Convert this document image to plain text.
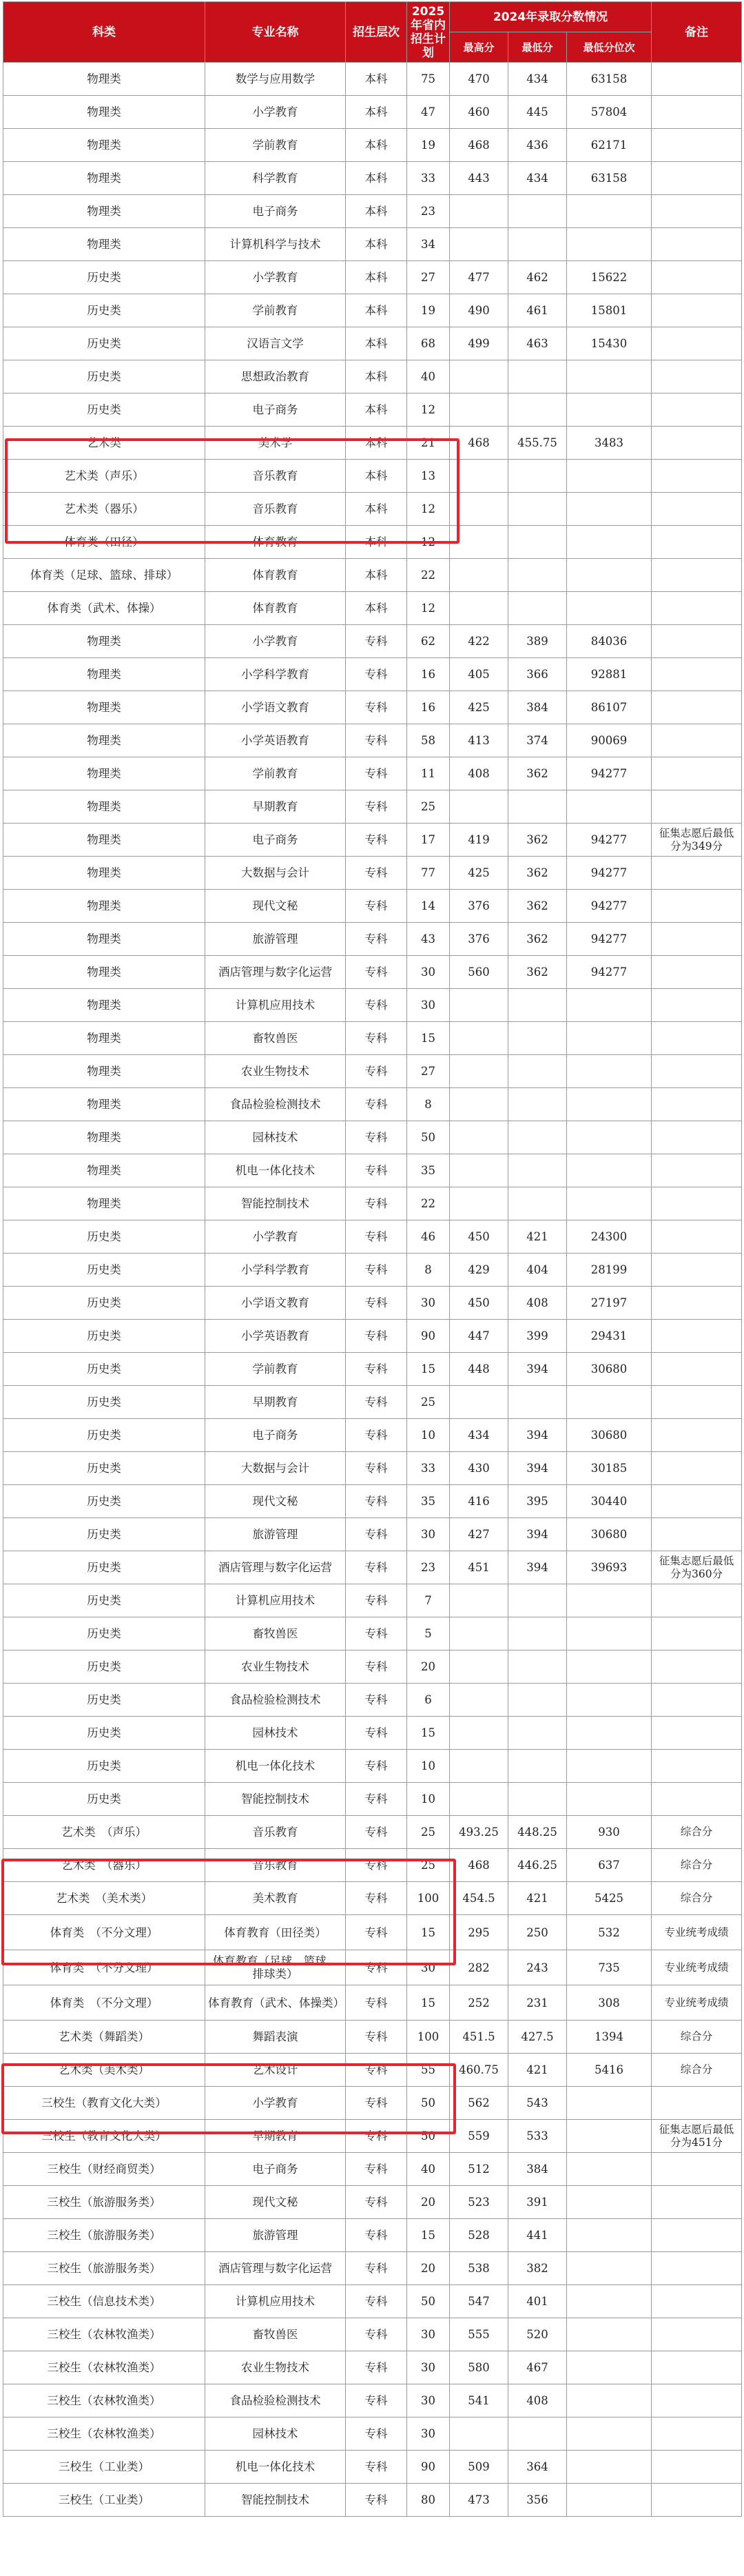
科类	专业名称	招生层次	2025年省内招生计划	2024年录取分数情况			备注
				最高分	最低分	最低分位次	
物理类	数学与应用数学	本科	75	470	434	63158	
物理类	小学教育	本科	47	460	445	57804	
物理类	学前教育	本科	19	468	436	62171	
物理类	科学教育	本科	33	443	434	63158	
物理类	电子商务	本科	23				
物理类	计算机科学与技术	本科	34				
历史类	小学教育	本科	27	477	462	15622	
历史类	学前教育	本科	19	490	461	15801	
历史类	汉语言文学	本科	68	499	463	15430	
历史类	思想政治教育	本科	40				
历史类	电子商务	本科	12				
艺术类	美术学	本科	21	468	455.75	3483	
艺术类（声乐）	音乐教育	本科	13				
艺术类（器乐）	音乐教育	本科	12				
体育类（田径）	体育教育	本科	12				
体育类（足球、篮球、排球）	体育教育	本科	22				
体育类（武术、体操）	体育教育	本科	12				
物理类	小学教育	专科	62	422	389	84036	
物理类	小学科学教育	专科	16	405	366	92881	
物理类	小学语文教育	专科	16	425	384	86107	
物理类	小学英语教育	专科	58	413	374	90069	
物理类	学前教育	专科	11	408	362	94277	
物理类	早期教育	专科	25				
物理类	电子商务	专科	17	419	362	94277	征集志愿后最低分为349分
物理类	大数据与会计	专科	77	425	362	94277	
物理类	现代文秘	专科	14	376	362	94277	
物理类	旅游管理	专科	43	376	362	94277	
物理类	酒店管理与数字化运营	专科	30	560	362	94277	
物理类	计算机应用技术	专科	30				
物理类	畜牧兽医	专科	15				
物理类	农业生物技术	专科	27				
物理类	食品检验检测技术	专科	8				
物理类	园林技术	专科	50				
物理类	机电一体化技术	专科	35				
物理类	智能控制技术	专科	22				
历史类	小学教育	专科	46	450	421	24300	
历史类	小学科学教育	专科	8	429	404	28199	
历史类	小学语文教育	专科	30	450	408	27197	
历史类	小学英语教育	专科	90	447	399	29431	
历史类	学前教育	专科	15	448	394	30680	
历史类	早期教育	专科	25				
历史类	电子商务	专科	10	434	394	30680	
历史类	大数据与会计	专科	33	430	394	30185	
历史类	现代文秘	专科	35	416	395	30440	
历史类	旅游管理	专科	30	427	394	30680	
历史类	酒店管理与数字化运营	专科	23	451	394	39693	征集志愿后最低分为360分
历史类	计算机应用技术	专科	7				
历史类	畜牧兽医	专科	5				
历史类	农业生物技术	专科	20				
历史类	食品检验检测技术	专科	6				
历史类	园林技术	专科	15				
历史类	机电一体化技术	专科	10				
历史类	智能控制技术	专科	10				
艺术类　（声乐）	音乐教育	专科	25	493.25	448.25	930	综合分
艺术类　（器乐）	音乐教育	专科	25	468	446.25	637	综合分
艺术类　（美术类）	美术教育	专科	100	454.5	421	5425	综合分
体育类　（不分文理）	体育教育（田径类）	专科	15	295	250	532	专业统考成绩
体育类　（不分文理）	体育教育（足球、篮球、排球类）	专科	30	282	243	735	专业统考成绩
体育类　（不分文理）	体育教育（武术、体操类）	专科	15	252	231	308	专业统考成绩
艺术类（舞蹈类）	舞蹈表演	专科	100	451.5	427.5	1394	综合分
艺术类（美术类）	艺术设计	专科	55	460.75	421	5416	综合分
三校生（教育文化大类）	小学教育	专科	50	562	543		
三校生（教育文化大类）	早期教育	专科	50	559	533		征集志愿后最低分为451分
三校生（财经商贸类）	电子商务	专科	40	512	384		
三校生（旅游服务类）	现代文秘	专科	20	523	391		
三校生（旅游服务类）	旅游管理	专科	15	528	441		
三校生（旅游服务类）	酒店管理与数字化运营	专科	20	538	382		
三校生（信息技术类）	计算机应用技术	专科	50	547	401		
三校生（农林牧渔类）	畜牧兽医	专科	30	555	520		
三校生（农林牧渔类）	农业生物技术	专科	30	580	467		
三校生（农林牧渔类）	食品检验检测技术	专科	30	541	408		
三校生（农林牧渔类）	园林技术	专科	30				
三校生（工业类）	机电一体化技术	专科	90	509	364		
三校生（工业类）	智能控制技术	专科	80	473	356		
